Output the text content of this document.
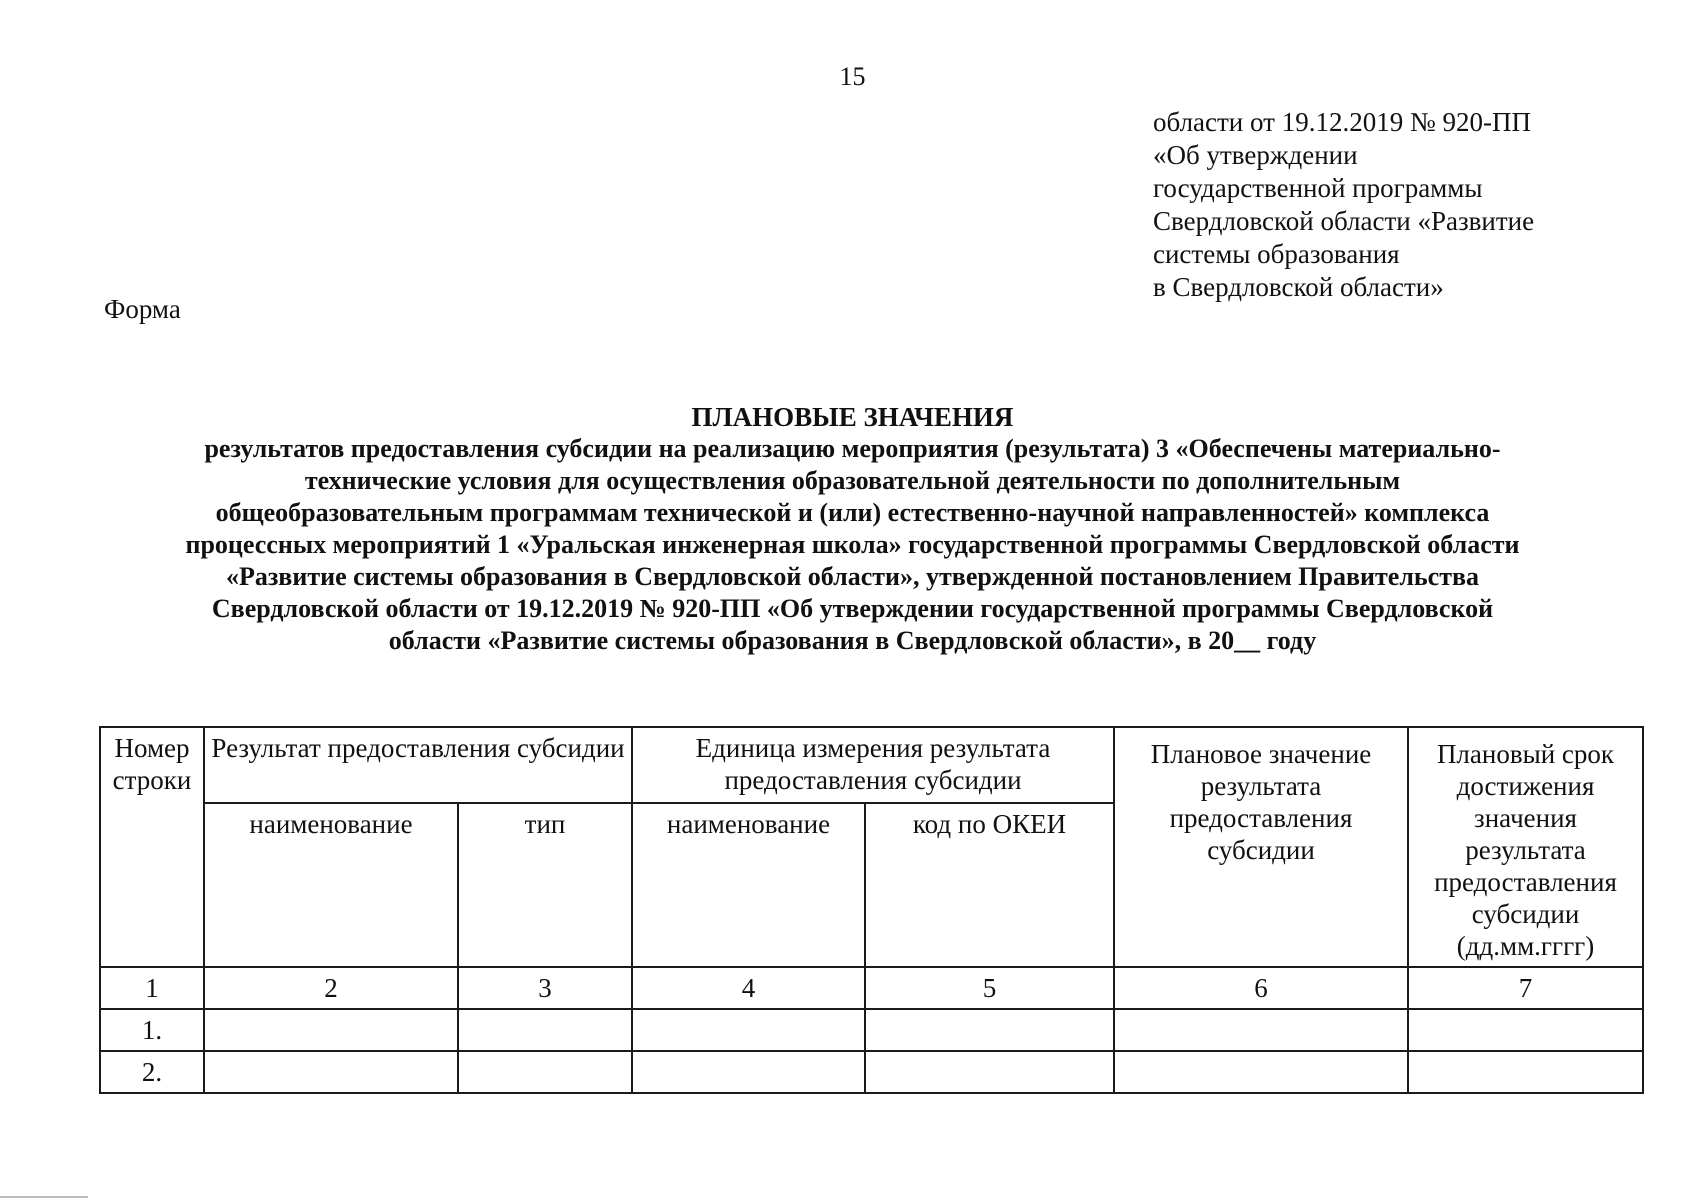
15
области от 19.12.2019 № 920-ПП
«Об утверждении
государственной программы
Свердловской области «Развитие
системы образования
в Свердловской области»
Форма
ПЛАНОВЫЕ ЗНАЧЕНИЯ
результатов предоставления субсидии на реализацию мероприятия (результата) 3 «Обеспечены материально-
технические условия для осуществления образовательной деятельности по дополнительным
общеобразовательным программам технической и (или) естественно-научной направленностей» комплекса
процессных мероприятий 1 «Уральская инженерная школа» государственной программы Свердловской области
«Развитие системы образования в Свердловской области», утвержденной постановлением Правительства
Свердловской области от 19.12.2019 № 920-ПП «Об утверждении государственной программы Свердловской
области «Развитие системы образования в Свердловской области», в 20__ году
Номер строки	Результат предоставления субсидии		Единица измерения результата предоставления субсидии		Плановое значение результата предоставления субсидии	Плановый срок достижения значения результата предоставления субсидии (дд.мм.гггг)
	наименование	тип	наименование	код по ОКЕИ		
1	2	3	4	5	6	7
1.						
2.						
